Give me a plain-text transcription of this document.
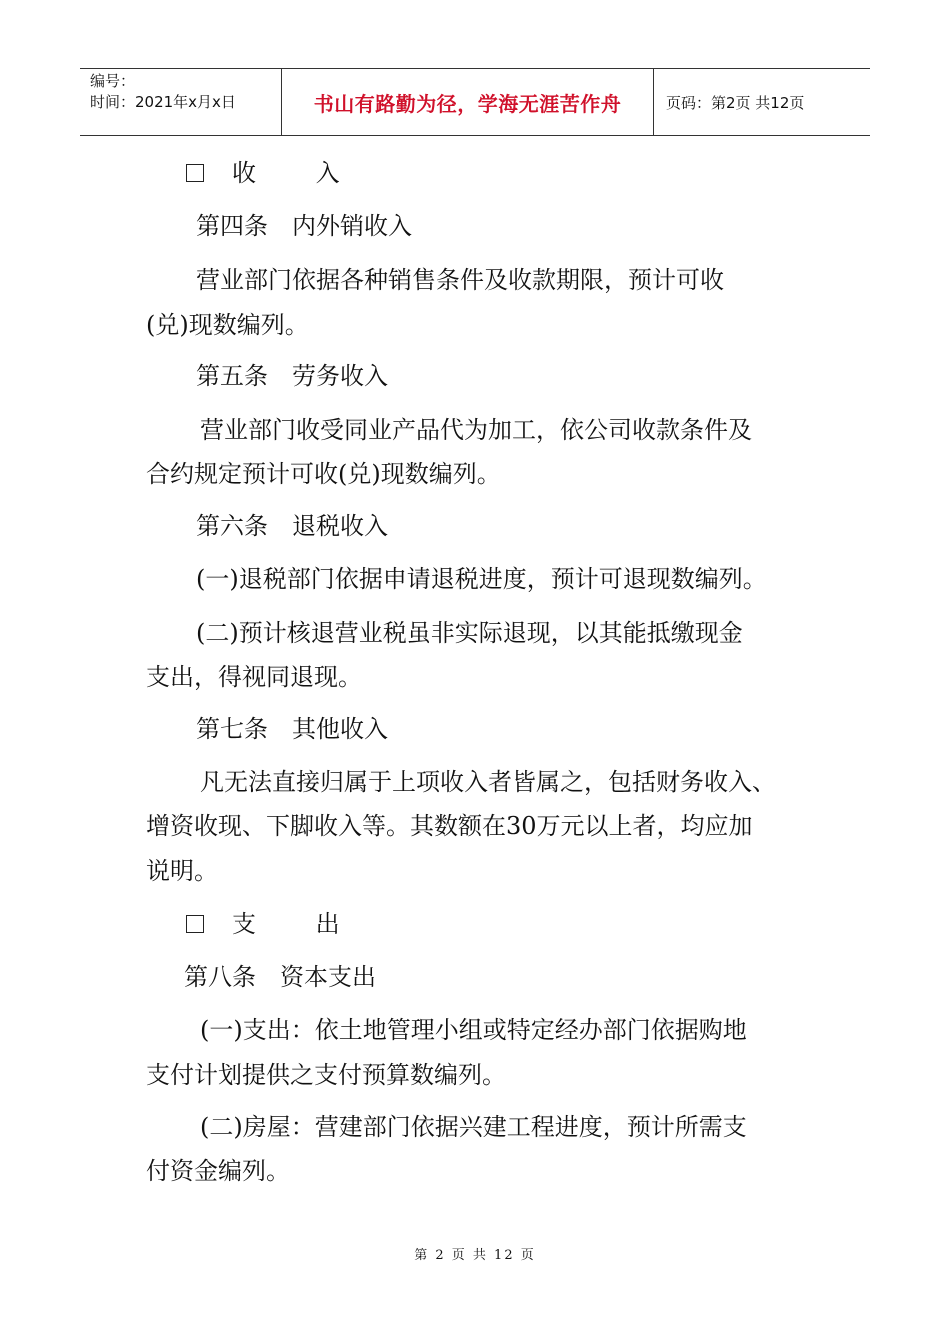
编号：
时间：2021年x月x日	书山有路勤为径，学海无涯苦作舟	页码：第2页 共12页
收 入
第四条　内外销收入
营业部门依据各种销售条件及收款期限，预计可收
(兑)现数编列。
第五条　劳务收入
营业部门收受同业产品代为加工，依公司收款条件及
合约规定预计可收(兑)现数编列。
第六条　退税收入
(一)退税部门依据申请退税进度，预计可退现数编列。
(二)预计核退营业税虽非实际退现，以其能抵缴现金
支出，得视同退现。
第七条　其他收入
凡无法直接归属于上项收入者皆属之，包括财务收入、
增资收现、下脚收入等。其数额在30万元以上者，均应加
说明。
支 出
第八条　资本支出
(一)支出：依土地管理小组或特定经办部门依据购地
支付计划提供之支付预算数编列。
(二)房屋：营建部门依据兴建工程进度，预计所需支
付资金编列。
第 2 页 共 12 页
